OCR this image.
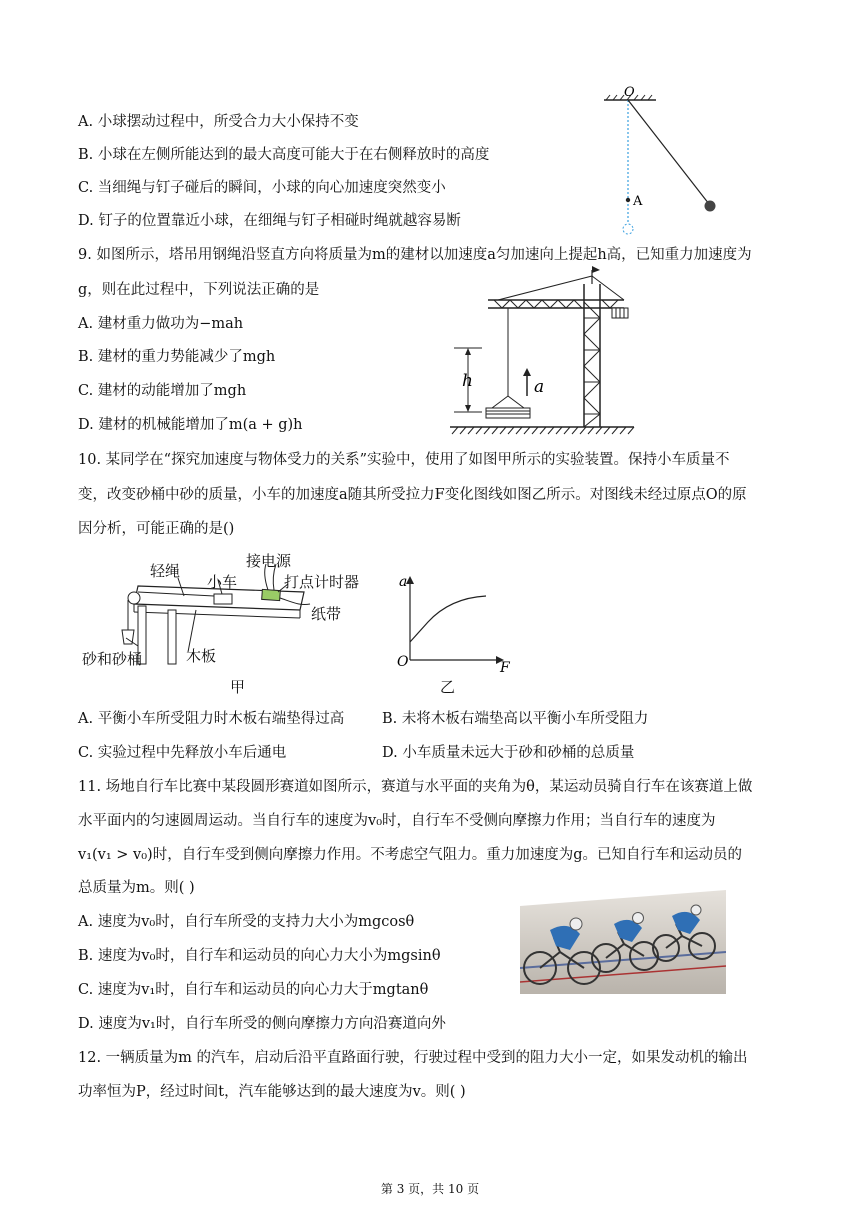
A. 小球摆动过程中，所受合力大小保持不变
B. 小球在左侧所能达到的最大高度可能大于在右侧释放时的高度
C. 当细绳与钉子碰后的瞬间，小球的向心加速度突然变小
D. 钉子的位置靠近小球，在细绳与钉子相碰时绳就越容易断
O
A
9. 如图所示，塔吊用钢绳沿竖直方向将质量为m的建材以加速度a匀加速向上提起h高，已知重力加速度为
g，则在此过程中，下列说法正确的是
A. 建材重力做功为−mah
B. 建材的重力势能减少了mgh
C. 建材的动能增加了mgh
D. 建材的机械能增加了m(a + g)h
h	a
10. 某同学在“探究加速度与物体受力的关系”实验中，使用了如图甲所示的实验装置。保持小车质量不
变，改变砂桶中砂的质量，小车的加速度a随其所受拉力F变化图线如图乙所示。对图线未经过原点O的原
因分析，可能正确的是()
轻绳
小车
接电源
打点计时器
纸带
砂和砂桶	木板
甲
a
F
O
乙
A. 平衡小车所受阻力时木板右端垫得过高	B. 未将木板右端垫高以平衡小车所受阻力
C. 实验过程中先释放小车后通电	D. 小车质量未远大于砂和砂桶的总质量
11. 场地自行车比赛中某段圆形赛道如图所示，赛道与水平面的夹角为θ，某运动员骑自行车在该赛道上做
水平面内的匀速圆周运动。当自行车的速度为v₀时，自行车不受侧向摩擦力作用；当自行车的速度为
v₁(v₁ > v₀)时，自行车受到侧向摩擦力作用。不考虑空气阻力。重力加速度为g。已知自行车和运动员的
总质量为m。则( )
A. 速度为v₀时，自行车所受的支持力大小为mgcosθ
B. 速度为v₀时，自行车和运动员的向心力大小为mgsinθ
C. 速度为v₁时，自行车和运动员的向心力大于mgtanθ
D. 速度为v₁时，自行车所受的侧向摩擦力方向沿赛道向外
12. 一辆质量为m 的汽车，启动后沿平直路面行驶，行驶过程中受到的阻力大小一定，如果发动机的输出
功率恒为P，经过时间t，汽车能够达到的最大速度为v。则( )
第 3 页，共 10 页
